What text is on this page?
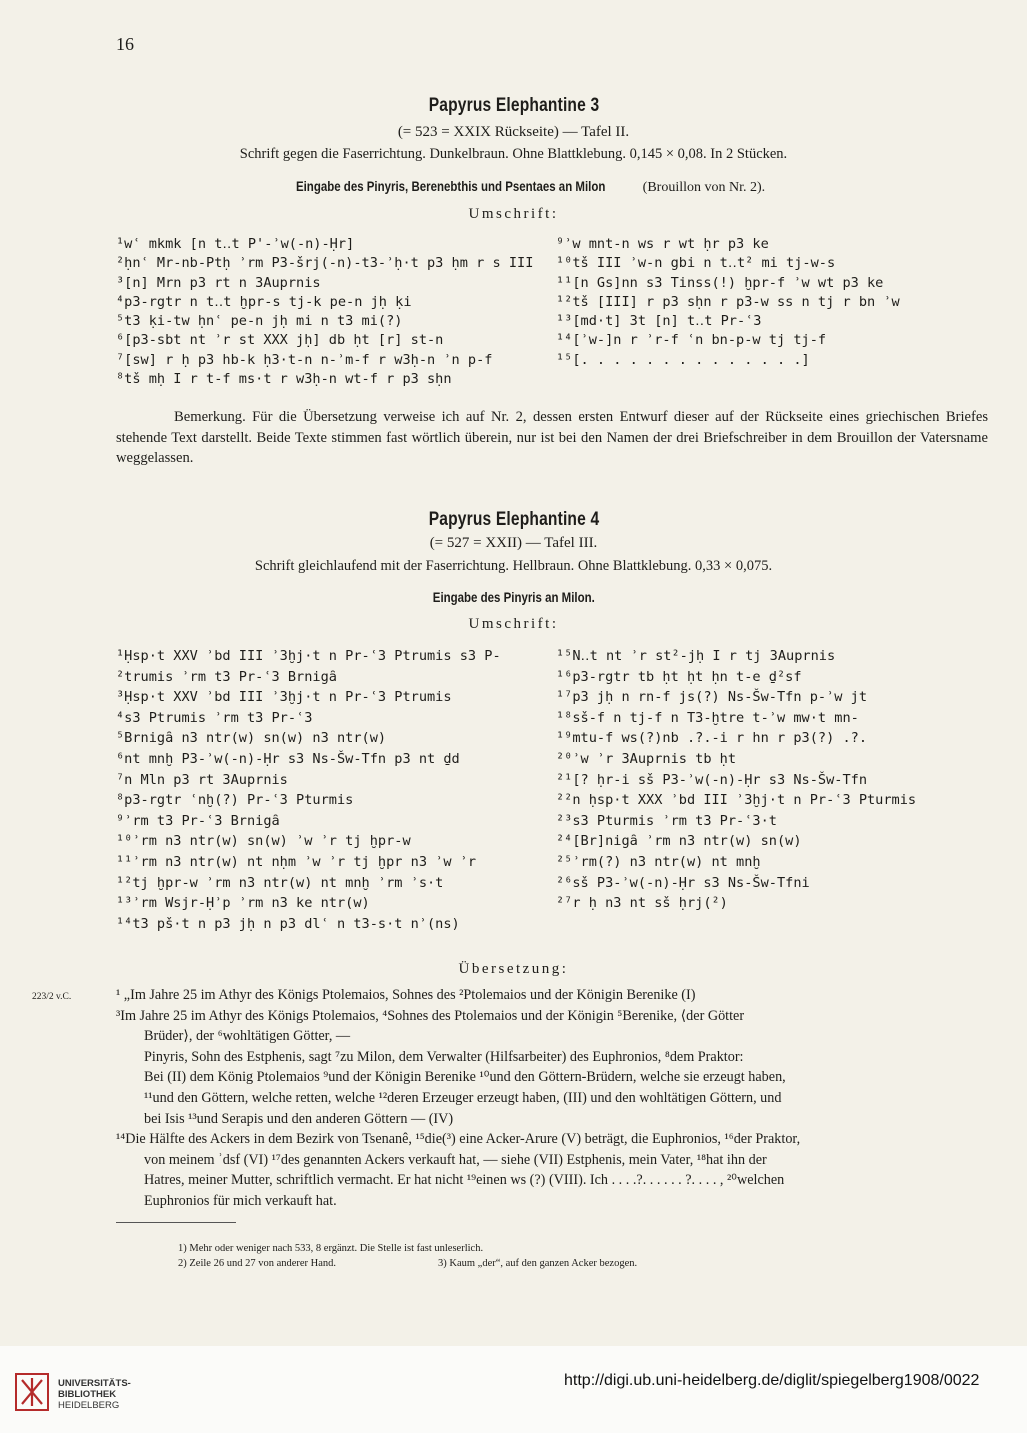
16
Papyrus Elephantine 3
(= 523 = XXIX Rückseite) — Tafel II.
Schrift gegen die Faserrichtung. Dunkelbraun. Ohne Blattklebung. 0,145 × 0,08. In 2 Stücken.
Eingabe des Pinyris, Berenebthis und Psentaes an Milon (Brouillon von Nr. 2).
Umschrift:
¹wʿ mkmk [n t‥t P'-ʾw(-n)-Ḥr]
²ḥnʿ Mr-nb-Ptḥ ʾrm P3-šrj(-n)-t3-ʾḥ·t p3 ḥm r s III
³[n] Mrn p3 rt n 3Auprnis
⁴p3-rgtr n t‥t ḫpr-s tj-k pe-n jḥ ḳi
⁵t3 ḳi-tw ḥnʿ pe-n jḥ mi n t3 mi(?)
⁶[p3-sbt nt ʾr st XXX jḥ] db ḥt [r] st-n
⁷[sw] r ḥ p3 hb-k ḥ3·t-n n-ʾm-f r w3ḥ-n ʾn p-f
⁸tš mḥ I r t-f ms·t r w3ḥ-n wt-f r p3 sḥn
⁹ʾw mnt-n ws r wt ḥr p3 ke
¹⁰tš III ʾw-n gbi n t‥t² mi tj-w-s
¹¹[n Gs]nn s3 Tinss(!) ḫpr-f ʾw wt p3 ke
¹²tš [III] r p3 sḥn r p3-w ss n tj r bn ʾw
¹³[md·t] 3t [n] t‥t Pr-ʿ3
¹⁴[ʾw-]n r ʾr-f ʿn bn-p-w tj tj-f
¹⁵[. . . . . . . . . . . . . .]
Bemerkung. Für die Übersetzung verweise ich auf Nr. 2, dessen ersten Entwurf dieser auf der Rückseite eines griechischen Briefes stehende Text darstellt. Beide Texte stimmen fast wörtlich überein, nur ist bei den Namen der drei Briefschreiber in dem Brouillon der Vatersname weggelassen.
Papyrus Elephantine 4
(= 527 = XXII) — Tafel III.
Schrift gleichlaufend mit der Faserrichtung. Hellbraun. Ohne Blattklebung. 0,33 × 0,075.
Eingabe des Pinyris an Milon.
Umschrift:
¹Ḥsp·t XXV ʾbd III ʾ3ḫj·t n Pr-ʿ3 Ptrumis s3 P-
²trumis ʾrm t3 Pr-ʿ3 Brnigȃ
³Ḥsp·t XXV ʾbd III ʾ3ḫj·t n Pr-ʿ3 Ptrumis
⁴s3 Ptrumis ʾrm t3 Pr-ʿ3
⁵Brnigȃ n3 ntr(w) sn(w) n3 ntr(w)
⁶nt mnḫ P3-ʾw(-n)-Ḥr s3 Ns-Šw-Tfn p3 nt ḏd
⁷n Mln p3 rt 3Auprnis
⁸p3-rgtr ʿnḫ(?) Pr-ʿ3 Pturmis
⁹ʾrm t3 Pr-ʿ3 Brnigȃ
¹⁰ʾrm n3 ntr(w) sn(w) ʾw ʾr tj ḫpr-w
¹¹ʾrm n3 ntr(w) nt nḥm ʾw ʾr tj ḫpr n3 ʾw ʾr
¹²tj ḫpr-w ʾrm n3 ntr(w) nt mnḫ ʾrm ʾs·t
¹³ʾrm Wsjr-Ḥʾp ʾrm n3 ke ntr(w)
¹⁴t3 pš·t n p3 jḥ n p3 dlʿ n t3-s·t nʾ(ns)
¹⁵N‥t nt ʾr st²-jḥ I r tj 3Auprnis
¹⁶p3-rgtr tb ḥt ḥt ḥn t-e ḏ²sf
¹⁷p3 jḥ n rn-f js(?) Ns-Šw-Tfn p-ʾw jt
¹⁸sš-f n tj-f n T3-ḫtre t-ʾw mw·t mn-
¹⁹mtu-f ws(?)nb .?.-i r hn r p3(?) .?.
²⁰ʾw ʾr 3Auprnis tb ḥt
²¹[? ḥr-i sš P3-ʾw(-n)-Ḥr s3 Ns-Šw-Tfn
²²n ḥsp·t XXX ʾbd III ʾ3ḫj·t n Pr-ʿ3 Pturmis
²³s3 Pturmis ʾrm t3 Pr-ʿ3·t
²⁴[Br]nigȃ ʾrm n3 ntr(w) sn(w)
²⁵ʾrm(?) n3 ntr(w) nt mnḫ
²⁶sš P3-ʾw(-n)-Ḥr s3 Ns-Šw-Tfni
²⁷r ḥ n3 nt sš ḥrj(²)
Übersetzung:
223/2 v.C.	¹ „Im Jahre 25 im Athyr des Königs Ptolemaios, Sohnes des ²Ptolemaios und der Königin Berenike (I)
³Im Jahre 25 im Athyr des Königs Ptolemaios, ⁴Sohnes des Ptolemaios und der Königin ⁵Berenike, ⟨der Götter
Brüder⟩, der ⁶wohltätigen Götter, —
Pinyris, Sohn des Estphenis, sagt ⁷zu Milon, dem Verwalter (Hilfsarbeiter) des Euphronios, ⁸dem Praktor:
Bei (II) dem König Ptolemaios ⁹und der Königin Berenike ¹⁰und den Göttern-Brüdern, welche sie erzeugt haben,
¹¹und den Göttern, welche retten, welche ¹²deren Erzeuger erzeugt haben, (III) und den wohltätigen Göttern, und
bei Isis ¹³und Serapis und den anderen Göttern — (IV)
¹⁴Die Hälfte des Ackers in dem Bezirk von Tsenanê, ¹⁵die(³) eine Acker-Arure (V) beträgt, die Euphronios, ¹⁶der Praktor,
von meinem ʾdsf (VI) ¹⁷des genannten Ackers verkauft hat, — siehe (VII) Estphenis, mein Vater, ¹⁸hat ihn der
Hatres, meiner Mutter, schriftlich vermacht. Er hat nicht ¹⁹einen ws (?) (VIII). Ich . . . .?. . . . . . ?. . . . , ²⁰welchen
Euphronios für mich verkauft hat.
1) Mehr oder weniger nach 533, 8 ergänzt. Die Stelle ist fast unleserlich.
2) Zeile 26 und 27 von anderer Hand.	3) Kaum „der“, auf den ganzen Acker bezogen.
UNIVERSITÄTS-
BIBLIOTHEK
HEIDELBERG
http://digi.ub.uni-heidelberg.de/diglit/spiegelberg1908/0022
